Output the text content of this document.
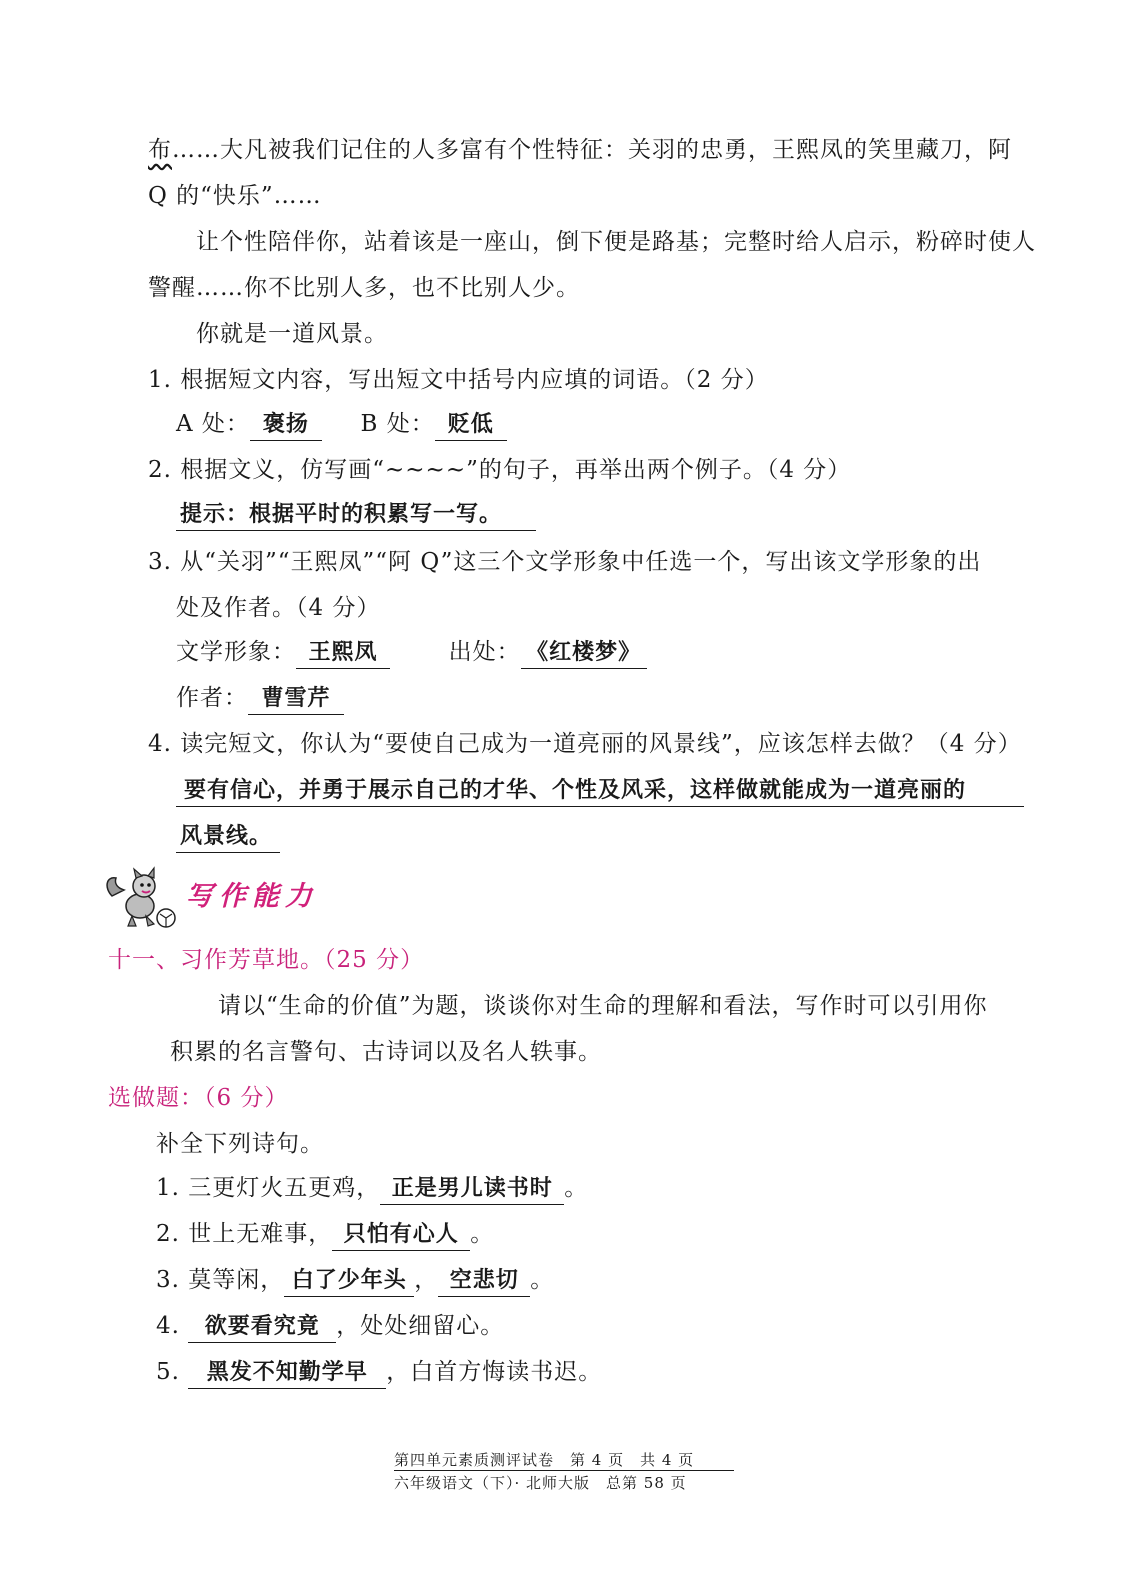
布……大凡被我们记住的人多富有个性特征：关羽的忠勇，王熙凤的笑里藏刀，阿
Q 的“快乐”……
让个性陪伴你，站着该是一座山，倒下便是路基；完整时给人启示，粉碎时使人
警醒……你不比别人多，也不比别人少。
你就是一道风景。
1. 根据短文内容，写出短文中括号内应填的词语。（2 分）
A 处： 褒扬 B 处： 贬低
2. 根据文义，仿写画“~~~~”的句子，再举出两个例子。（4 分）
提示：根据平时的积累写一写。
3. 从“关羽”“王熙凤”“阿 Q”这三个文学形象中任选一个，写出该文学形象的出
处及作者。（4 分）
文学形象： 王熙凤	出处： 《红楼梦》
作者： 曹雪芹
4. 读完短文，你认为“要使自己成为一道亮丽的风景线”，应该怎样去做？（4 分）
要有信心，并勇于展示自己的才华、个性及风采，这样做就能成为一道亮丽的
风景线。
写作能力
十一、习作芳草地。（25 分）
请以“生命的价值”为题，谈谈你对生命的理解和看法，写作时可以引用你
积累的名言警句、古诗词以及名人轶事。
选做题：（6 分）
补全下列诗句。
1. 三更灯火五更鸡， 正是男儿读书时 。
2. 世上无难事， 只怕有心人 。
3. 莫等闲， 白了少年头 ， 空悲切 。
4. 欲要看究竟 ，处处细留心。
5. 黑发不知勤学早 ，白首方悔读书迟。
第四单元素质测评试卷　第 4 页　共 4 页
六年级语文（下）· 北师大版　总第 58 页
